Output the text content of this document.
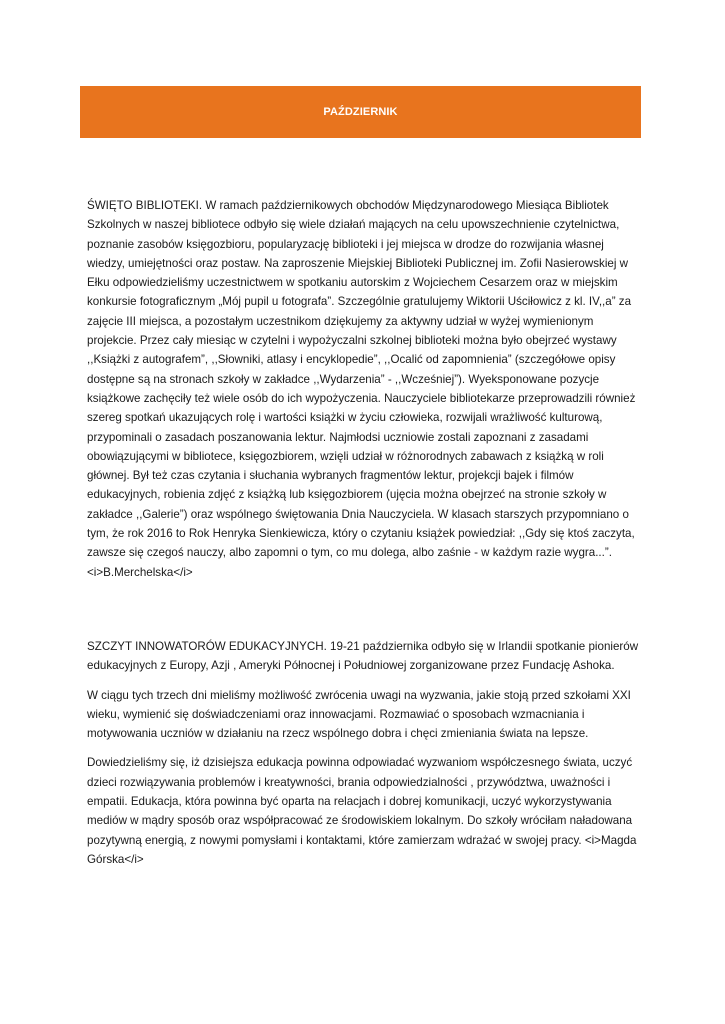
PAŹDZIERNIK

ŚWIĘTO BIBLIOTEKI. W ramach październikowych obchodów Międzynarodowego Miesiąca Bibliotek Szkolnych w naszej bibliotece odbyło się wiele działań mających na celu upowszechnienie czytelnictwa, poznanie zasobów księgozbioru, popularyzację biblioteki i jej miejsca w drodze do rozwijania własnej wiedzy, umiejętności oraz postaw. Na zaproszenie Miejskiej Biblioteki Publicznej im. Zofii Nasierowskiej w Ełku odpowiedzieliśmy uczestnictwem w spotkaniu autorskim z Wojciechem Cesarzem oraz w miejskim konkursie fotograficznym „Mój pupil u fotografa”. Szczególnie gratulujemy Wiktorii Uściłowicz z kl. IV,,a” za zajęcie III miejsca, a pozostałym uczestnikom dziękujemy za aktywny udział w wyżej wymienionym projekcie. Przez cały miesiąc w czytelni i wypożyczalni szkolnej biblioteki można było obejrzeć wystawy ,,Książki z autografem”, ,,Słowniki, atlasy i encyklopedie”, ,,Ocalić od zapomnienia” (szczegółowe opisy dostępne są na stronach szkoły w zakładce ,,Wydarzenia” - ,,Wcześniej”). Wyeksponowane pozycje książkowe zachęciły też wiele osób do ich wypożyczenia. Nauczyciele bibliotekarze przeprowadzili również szereg spotkań ukazujących rolę i wartości książki w życiu człowieka, rozwijali wrażliwość kulturową, przypominali o zasadach poszanowania lektur. Najmłodsi uczniowie zostali zapoznani z zasadami obowiązującymi w bibliotece, księgozbiorem, wzięli udział w różnorodnych zabawach z książką w roli głównej. Był też czas czytania i słuchania wybranych fragmentów lektur, projekcji bajek i filmów edukacyjnych, robienia zdjęć z książką lub księgozbiorem (ujęcia można obejrzeć na stronie szkoły w zakładce ,,Galerie”) oraz wspólnego świętowania Dnia Nauczyciela. W klasach starszych przypomniano o tym, że rok 2016 to Rok Henryka Sienkiewicza, który o czytaniu książek powiedział: ,,Gdy się ktoś zaczyta, zawsze się czegoś nauczy, albo zapomni o tym, co mu dolega, albo zaśnie - w każdym razie wygra...”. <i>B.Merchelska</i>

SZCZYT INNOWATORÓW EDUKACYJNYCH. 19-21 października odbyło się w Irlandii spotkanie pionierów edukacyjnych z Europy, Azji , Ameryki Północnej i Południowej zorganizowane przez Fundację Ashoka.

W ciągu tych trzech dni mieliśmy możliwość zwrócenia uwagi na wyzwania, jakie stoją przed szkołami XXI wieku, wymienić się doświadczeniami oraz innowacjami. Rozmawiać o sposobach wzmacniania i motywowania uczniów w działaniu na rzecz wspólnego dobra i chęci zmieniania świata na lepsze.

Dowiedzieliśmy się, iż dzisiejsza edukacja powinna odpowiadać wyzwaniom współczesnego świata, uczyć dzieci rozwiązywania problemów i kreatywności, brania odpowiedzialności , przywództwa, uważności i empatii. Edukacja, która powinna być oparta na relacjach i dobrej komunikacji, uczyć wykorzystywania mediów w mądry sposób oraz współpracować ze środowiskiem lokalnym. Do szkoły wróciłam naładowana pozytywną energią, z nowymi pomysłami i kontaktami, które zamierzam wdrażać w swojej pracy. <i>Magda Górska</i>
